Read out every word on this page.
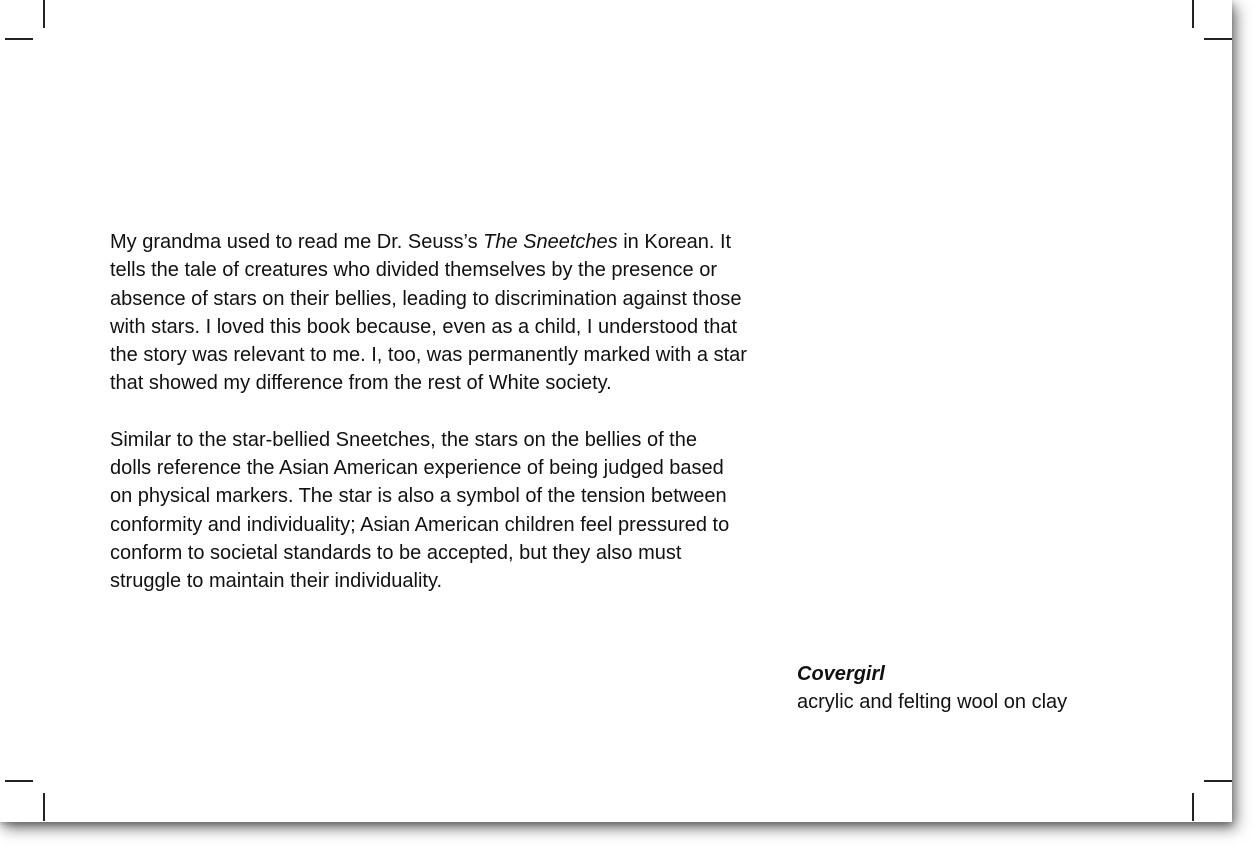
My grandma used to read me Dr. Seuss’s The Sneetches in Korean. It
tells the tale of creatures who divided themselves by the presence or
absence of stars on their bellies, leading to discrimination against those
with stars. I loved this book because, even as a child, I understood that
the story was relevant to me. I, too, was permanently marked with a star
that showed my difference from the rest of White society.

Similar to the star-bellied Sneetches, the stars on the bellies of the
dolls reference the Asian American experience of being judged based
on physical markers. The star is also a symbol of the tension between
conformity and individuality; Asian American children feel pressured to
conform to societal standards to be accepted, but they also must
struggle to maintain their individuality.

Covergirl
acrylic and felting wool on clay
